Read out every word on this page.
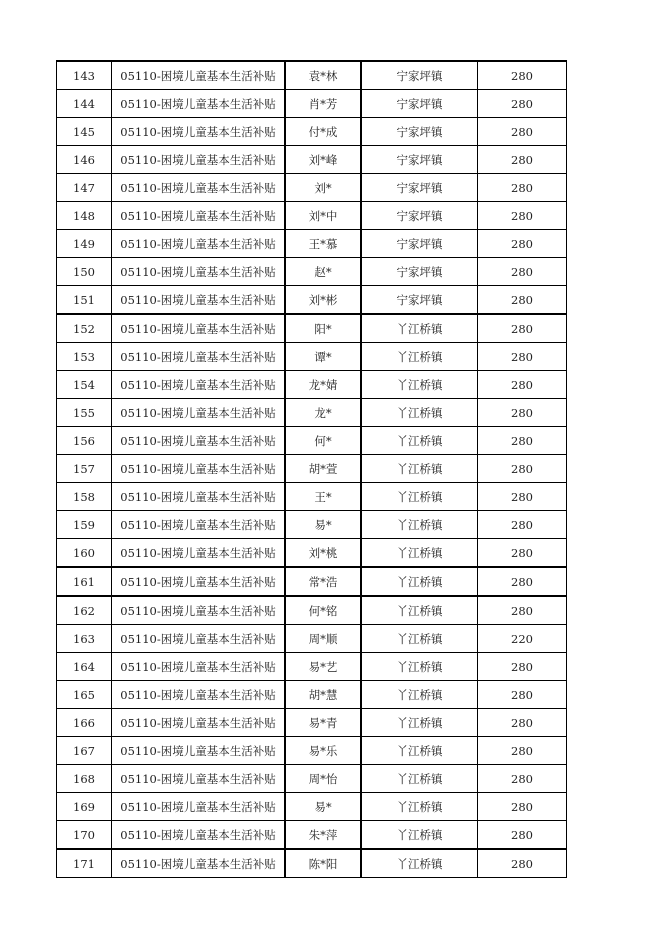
143	05110-困境儿童基本生活补贴	袁*林	宁家坪镇	280
144	05110-困境儿童基本生活补贴	肖*芳	宁家坪镇	280
145	05110-困境儿童基本生活补贴	付*成	宁家坪镇	280
146	05110-困境儿童基本生活补贴	刘*峰	宁家坪镇	280
147	05110-困境儿童基本生活补贴	刘*	宁家坪镇	280
148	05110-困境儿童基本生活补贴	刘*中	宁家坪镇	280
149	05110-困境儿童基本生活补贴	王*慕	宁家坪镇	280
150	05110-困境儿童基本生活补贴	赵*	宁家坪镇	280
151	05110-困境儿童基本生活补贴	刘*彬	宁家坪镇	280
152	05110-困境儿童基本生活补贴	阳*	丫江桥镇	280
153	05110-困境儿童基本生活补贴	谭*	丫江桥镇	280
154	05110-困境儿童基本生活补贴	龙*婧	丫江桥镇	280
155	05110-困境儿童基本生活补贴	龙*	丫江桥镇	280
156	05110-困境儿童基本生活补贴	何*	丫江桥镇	280
157	05110-困境儿童基本生活补贴	胡*萱	丫江桥镇	280
158	05110-困境儿童基本生活补贴	王*	丫江桥镇	280
159	05110-困境儿童基本生活补贴	易*	丫江桥镇	280
160	05110-困境儿童基本生活补贴	刘*桃	丫江桥镇	280
161	05110-困境儿童基本生活补贴	常*浩	丫江桥镇	280
162	05110-困境儿童基本生活补贴	何*铭	丫江桥镇	280
163	05110-困境儿童基本生活补贴	周*顺	丫江桥镇	220
164	05110-困境儿童基本生活补贴	易*艺	丫江桥镇	280
165	05110-困境儿童基本生活补贴	胡*慧	丫江桥镇	280
166	05110-困境儿童基本生活补贴	易*青	丫江桥镇	280
167	05110-困境儿童基本生活补贴	易*乐	丫江桥镇	280
168	05110-困境儿童基本生活补贴	周*怡	丫江桥镇	280
169	05110-困境儿童基本生活补贴	易*	丫江桥镇	280
170	05110-困境儿童基本生活补贴	朱*萍	丫江桥镇	280
171	05110-困境儿童基本生活补贴	陈*阳	丫江桥镇	280
